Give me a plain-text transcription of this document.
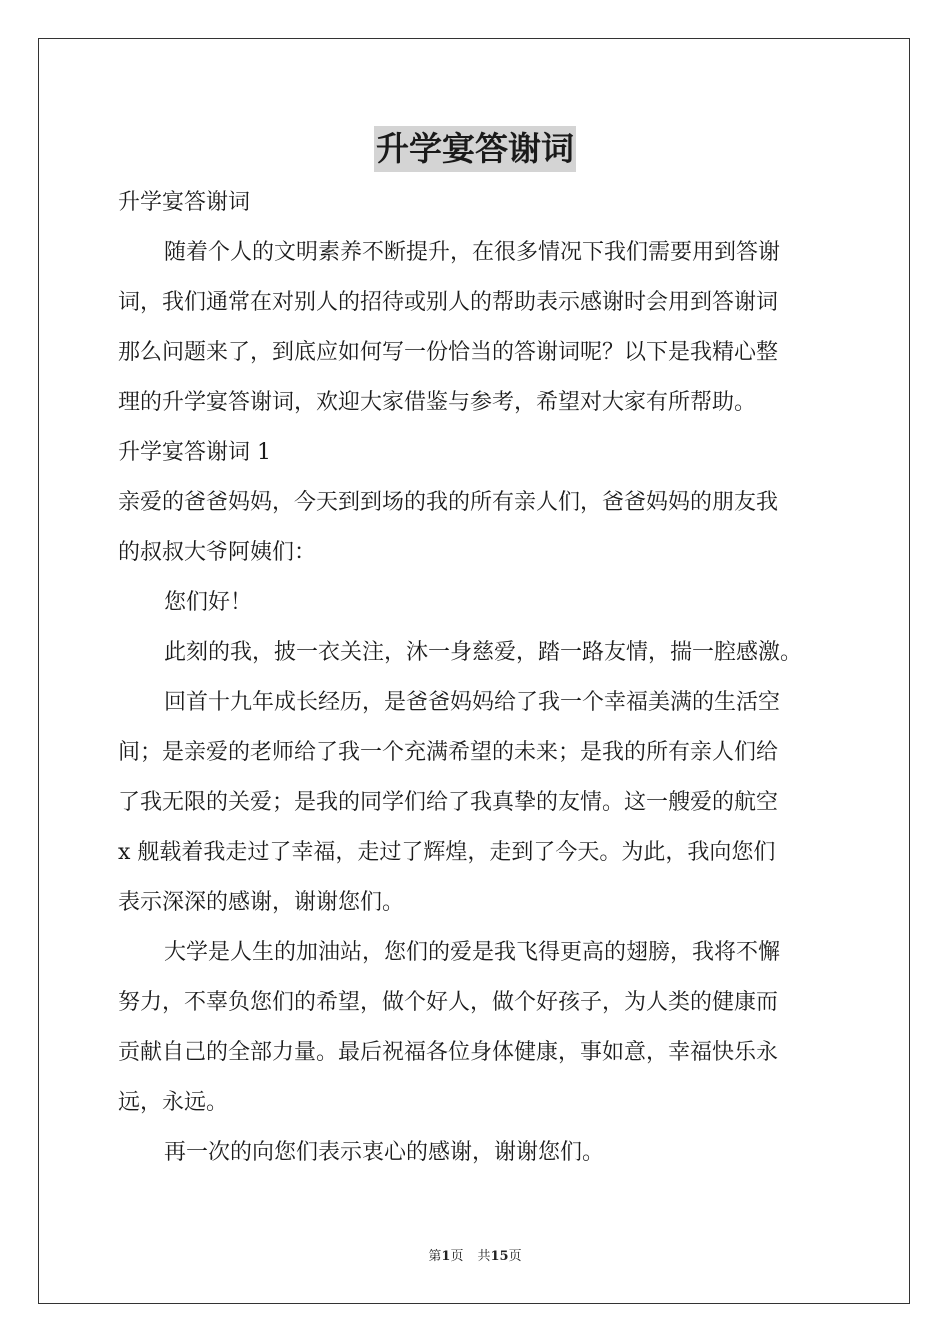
升学宴答谢词
升学宴答谢词
随着个人的文明素养不断提升，在很多情况下我们需要用到答谢
词，我们通常在对别人的招待或别人的帮助表示感谢时会用到答谢词
那么问题来了，到底应如何写一份恰当的答谢词呢？以下是我精心整
理的升学宴答谢词，欢迎大家借鉴与参考，希望对大家有所帮助。
升学宴答谢词 1
亲爱的爸爸妈妈，今天到到场的我的所有亲人们，爸爸妈妈的朋友我
的叔叔大爷阿姨们：
您们好！
此刻的我，披一衣关注，沐一身慈爱，踏一路友情，揣一腔感激。
回首十九年成长经历，是爸爸妈妈给了我一个幸福美满的生活空
间；是亲爱的老师给了我一个充满希望的未来；是我的所有亲人们给
了我无限的关爱；是我的同学们给了我真挚的友情。这一艘爱的航空
x 舰载着我走过了幸福，走过了辉煌，走到了今天。为此，我向您们
表示深深的感谢，谢谢您们。
大学是人生的加油站，您们的爱是我飞得更高的翅膀，我将不懈
努力，不辜负您们的希望，做个好人，做个好孩子，为人类的健康而
贡献自己的全部力量。最后祝福各位身体健康，事如意，幸福快乐永
远，永远。
再一次的向您们表示衷心的感谢，谢谢您们。
第1页 共15页
